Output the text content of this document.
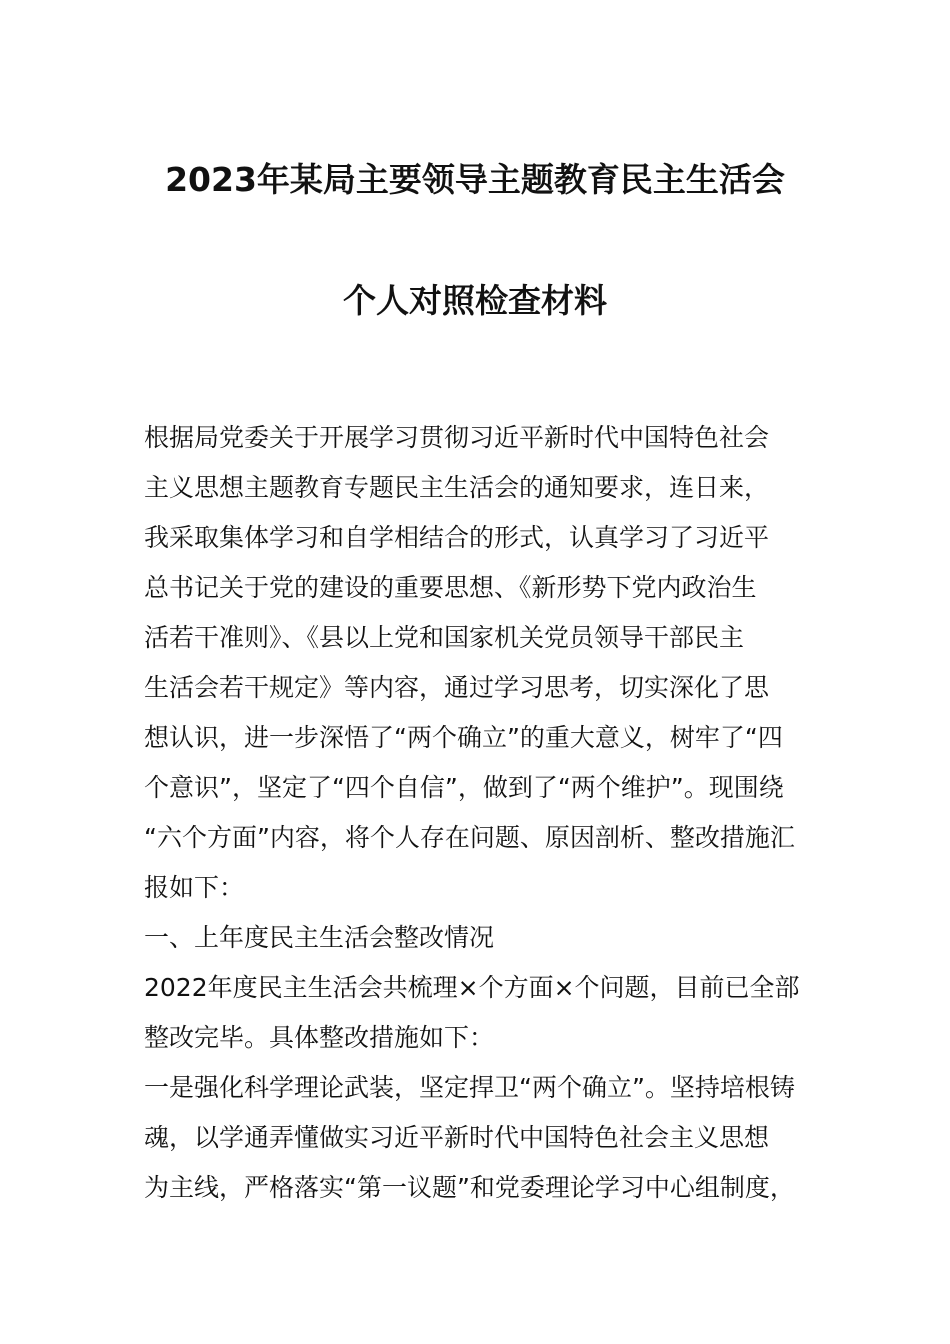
2023年某局主要领导主题教育民主生活会
个人对照检查材料
根据局党委关于开展学习贯彻习近平新时代中国特色社会
主义思想主题教育专题民主生活会的通知要求，连日来，
我采取集体学习和自学相结合的形式，认真学习了习近平
总书记关于党的建设的重要思想、《新形势下党内政治生
活若干准则》、《县以上党和国家机关党员领导干部民主
生活会若干规定》等内容，通过学习思考，切实深化了思
想认识，进一步深悟了“两个确立”的重大意义，树牢了“四
个意识”，坚定了“四个自信”，做到了“两个维护”。现围绕
“六个方面”内容，将个人存在问题、原因剖析、整改措施汇
报如下：
一、上年度民主生活会整改情况
2022年度民主生活会共梳理×个方面×个问题，目前已全部
整改完毕。具体整改措施如下：
一是强化科学理论武装，坚定捍卫“两个确立”。坚持培根铸
魂，以学通弄懂做实习近平新时代中国特色社会主义思想
为主线，严格落实“第一议题”和党委理论学习中心组制度，
